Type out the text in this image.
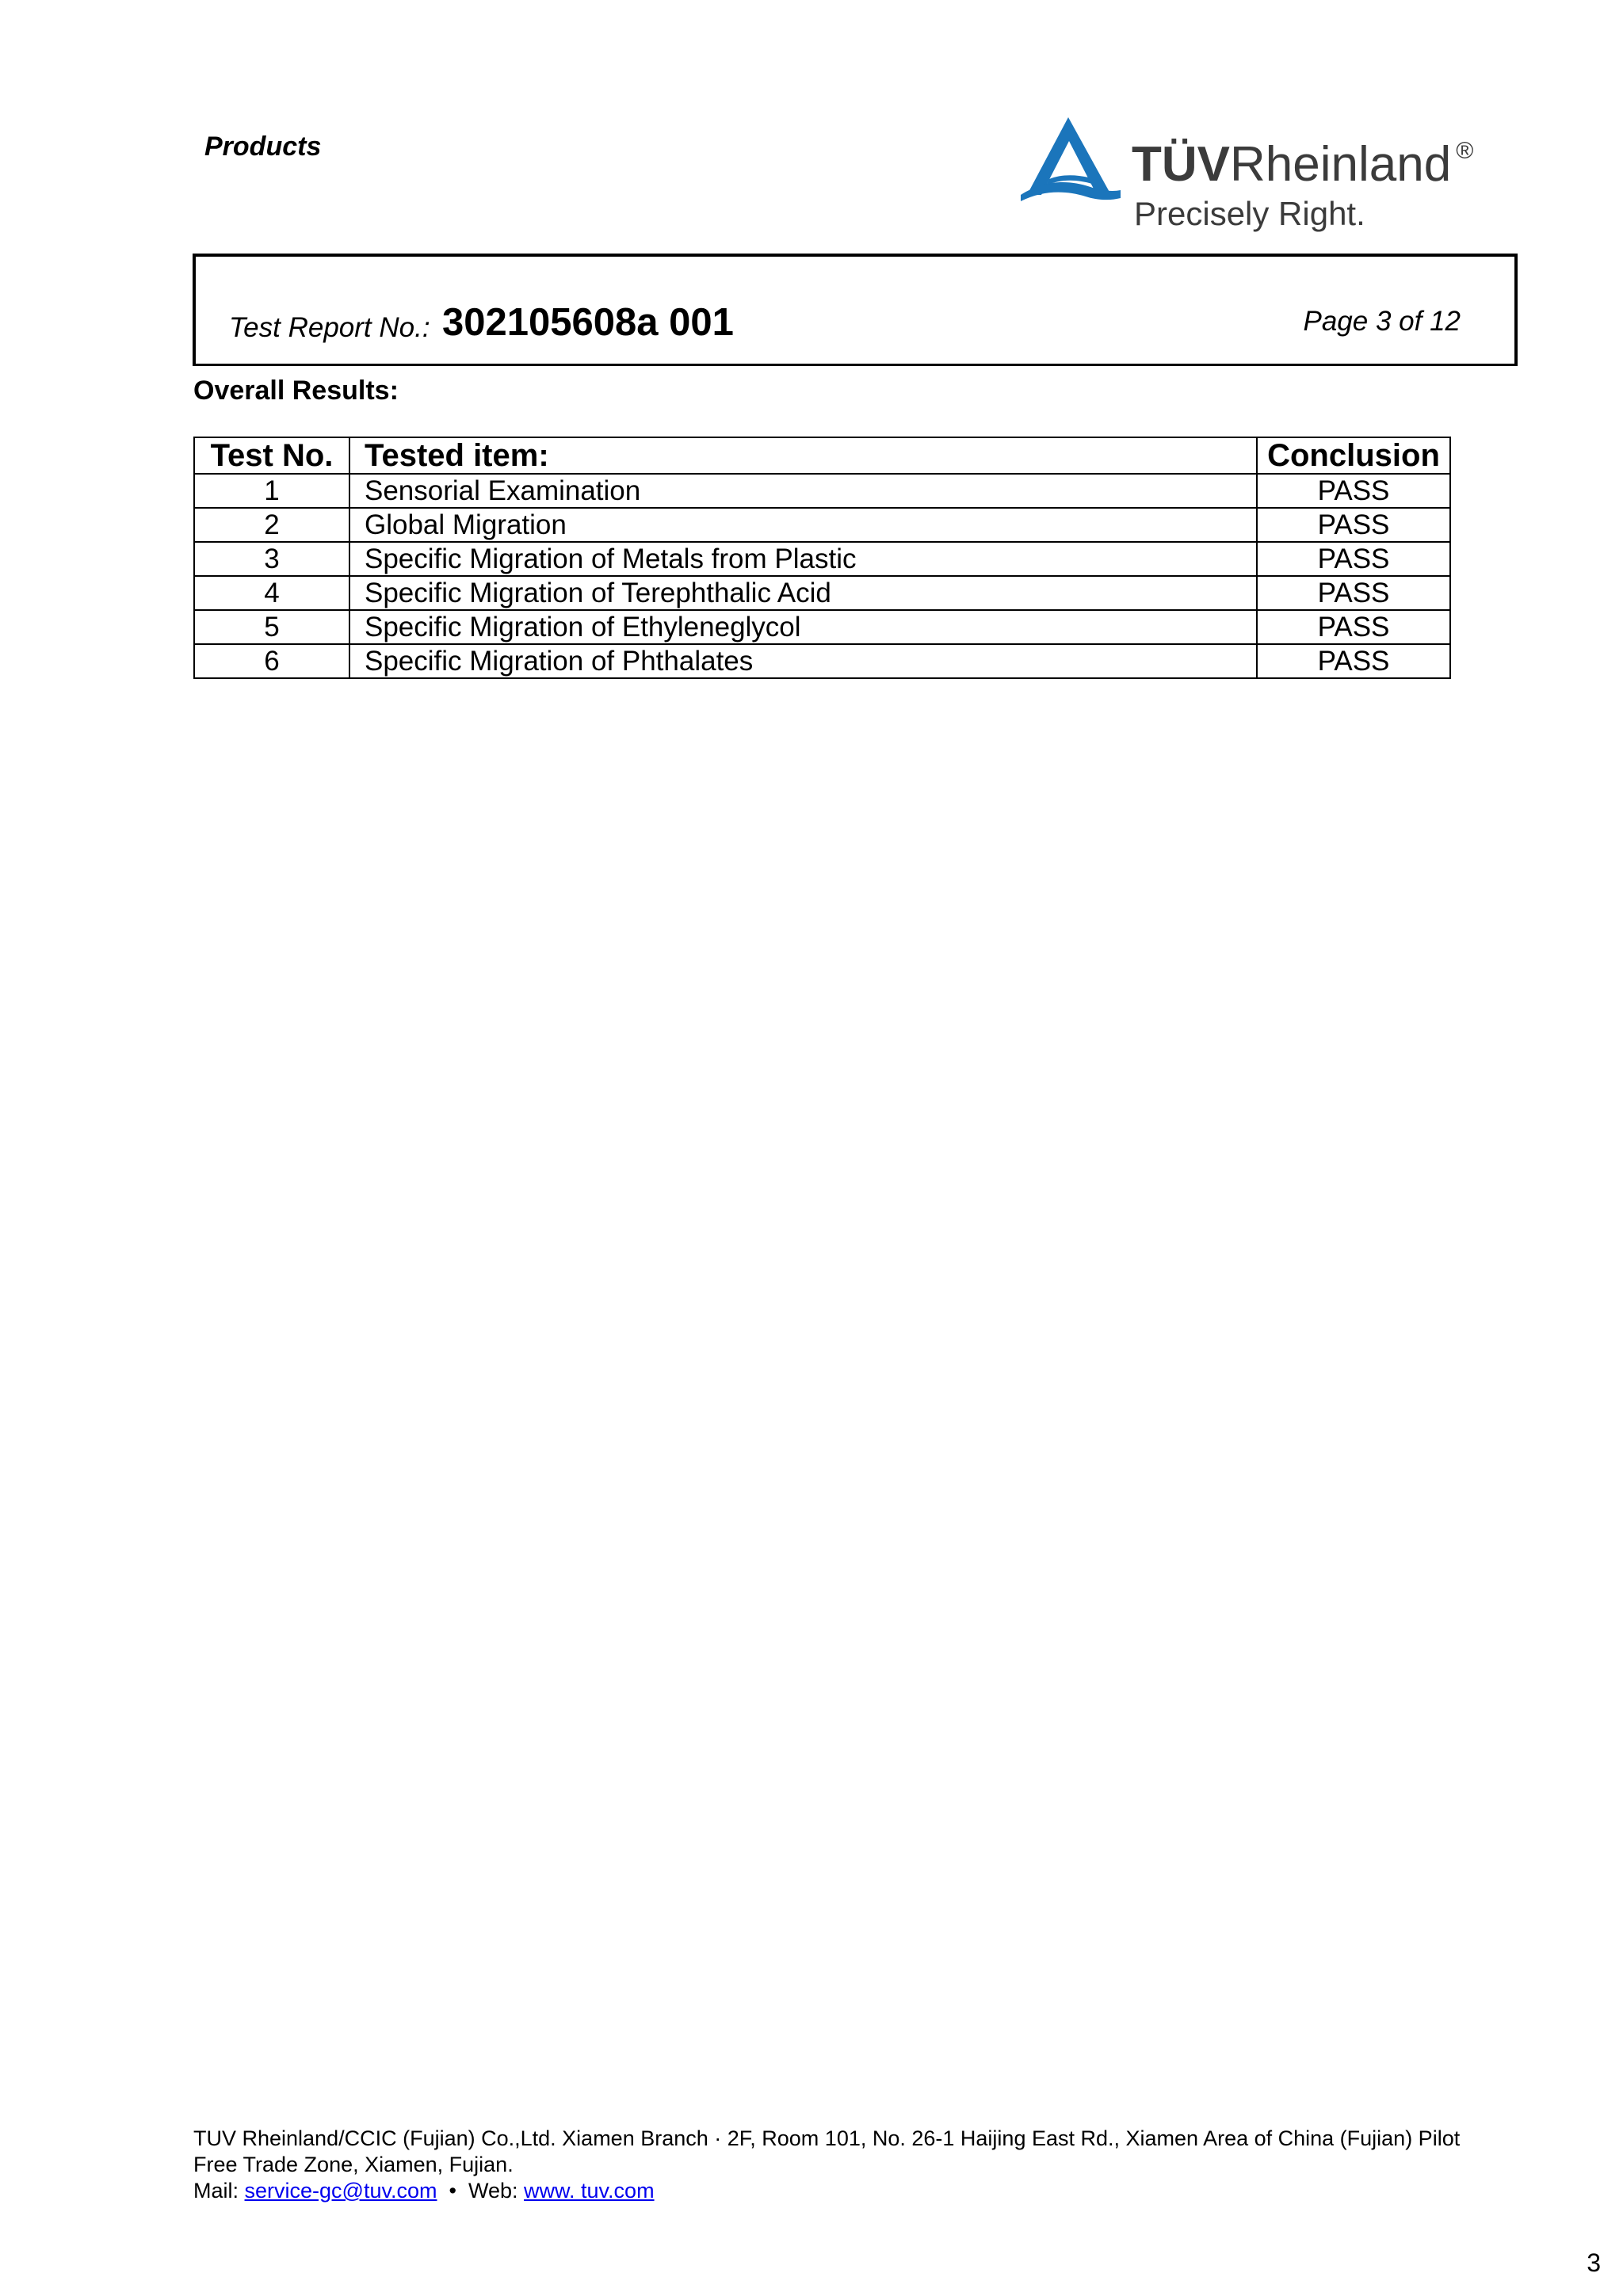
Products	TÜVRheinland ®
Precisely Right.
Test Report No.: 302105608a 001	Page 3 of 12
Overall Results:
Test No.	Tested item:	Conclusion
1	Sensorial Examination	PASS
2	Global Migration	PASS
3	Specific Migration of Metals from Plastic	PASS
4	Specific Migration of Terephthalic Acid	PASS
5	Specific Migration of Ethyleneglycol	PASS
6	Specific Migration of Phthalates	PASS
TUV Rheinland/CCIC (Fujian) Co.,Ltd. Xiamen Branch · 2F, Room 101, No. 26-1 Haijing East Rd., Xiamen Area of China (Fujian) Pilot
Free Trade Zone, Xiamen, Fujian.
Mail: service-gc@tuv.com • Web: www. tuv.com
3
